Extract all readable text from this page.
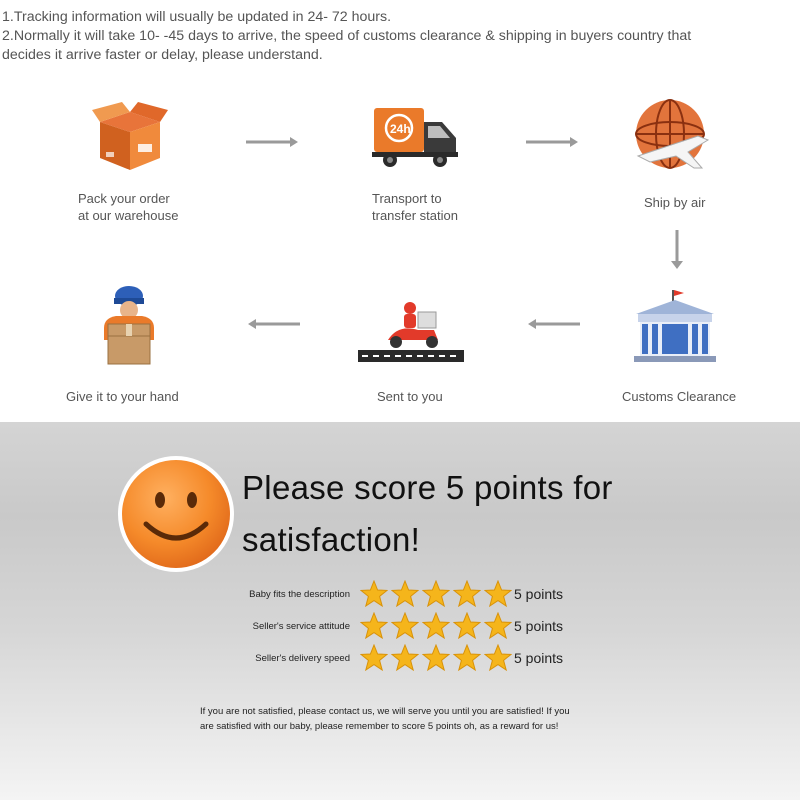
1.Tracking information will usually be updated in 24- 72 hours.
2.Normally it will take 10- -45 days to arrive, the speed of customs clearance & shipping in buyers country that
decides it arrive faster or delay, please understand.
Pack your order
at our warehouse
24h
Transport to
transfer station
Ship by air
Customs Clearance
Sent to you
Give it to your hand
Please score 5 points for
satisfaction!
Baby fits the description	5 points
Seller's service attitude	5 points
Seller's delivery speed	5 points
If you are not satisfied, please contact us, we will serve you until you are satisfied! If you
are satisfied with our baby, please remember to score 5 points oh, as a reward for us!
